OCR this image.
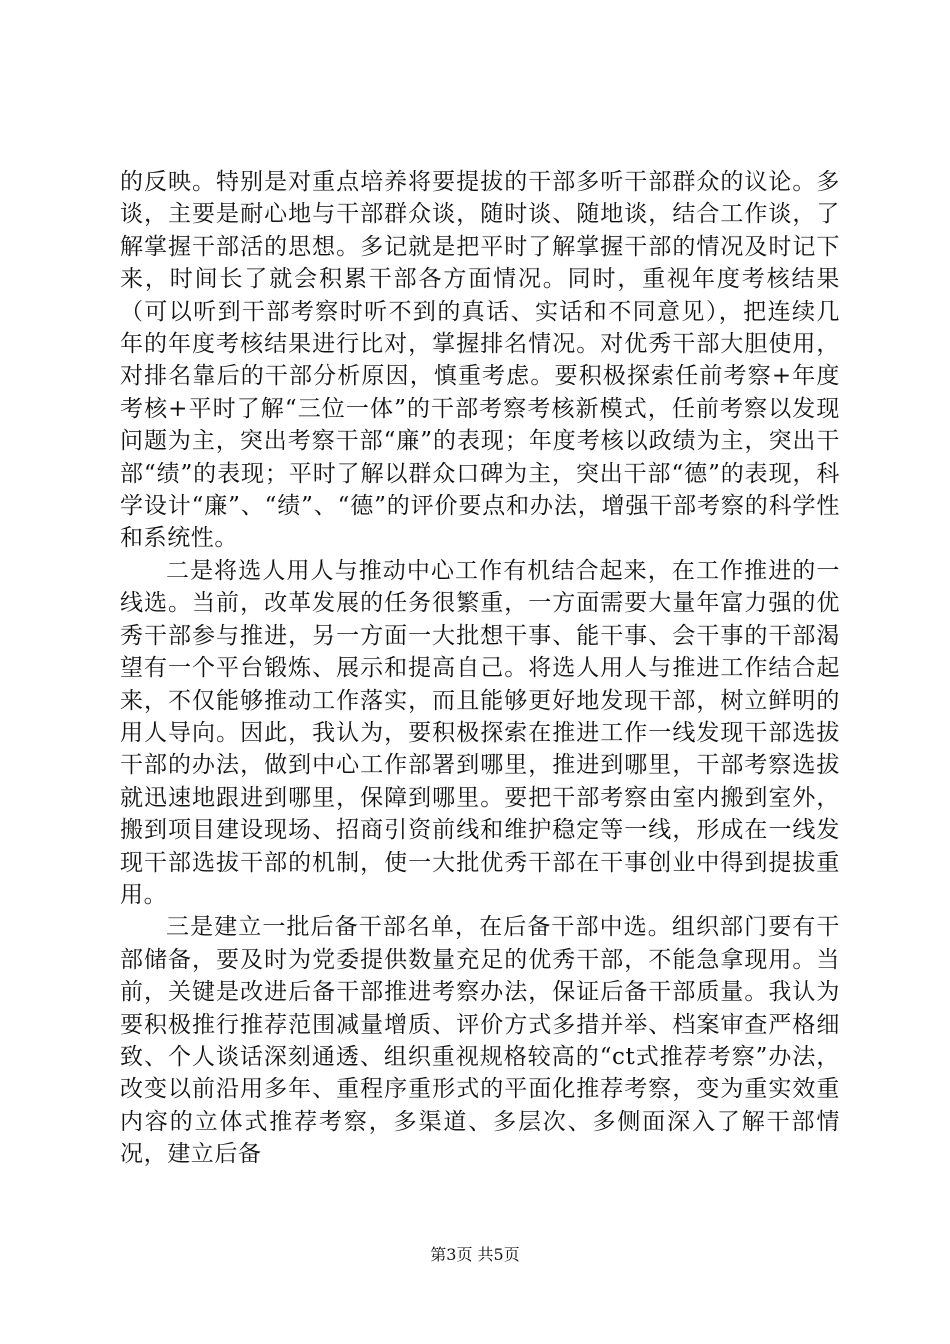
的反映。特别是对重点培养将要提拔的干部多听干部群众的议论。多谈，主要是耐心地与干部群众谈，随时谈、随地谈，结合工作谈，了解掌握干部活的思想。多记就是把平时了解掌握干部的情况及时记下来，时间长了就会积累干部各方面情况。同时，重视年度考核结果（可以听到干部考察时听不到的真话、实话和不同意见），把连续几年的年度考核结果进行比对，掌握排名情况。对优秀干部大胆使用，对排名靠后的干部分析原因，慎重考虑。要积极探索任前考察+年度考核+平时了解“三位一体”的干部考察考核新模式，任前考察以发现问题为主，突出考察干部“廉”的表现；年度考核以政绩为主，突出干部“绩”的表现；平时了解以群众口碑为主，突出干部“德”的表现，科学设计“廉”、“绩”、“德”的评价要点和办法，增强干部考察的科学性和系统性。

二是将选人用人与推动中心工作有机结合起来，在工作推进的一线选。当前，改革发展的任务很繁重，一方面需要大量年富力强的优秀干部参与推进，另一方面一大批想干事、能干事、会干事的干部渴望有一个平台锻炼、展示和提高自己。将选人用人与推进工作结合起来，不仅能够推动工作落实，而且能够更好地发现干部，树立鲜明的用人导向。因此，我认为，要积极探索在推进工作一线发现干部选拔干部的办法，做到中心工作部署到哪里，推进到哪里，干部考察选拔就迅速地跟进到哪里，保障到哪里。要把干部考察由室内搬到室外，搬到项目建设现场、招商引资前线和维护稳定等一线，形成在一线发现干部选拔干部的机制，使一大批优秀干部在干事创业中得到提拔重用。

三是建立一批后备干部名单，在后备干部中选。组织部门要有干部储备，要及时为党委提供数量充足的优秀干部，不能急拿现用。当前，关键是改进后备干部推进考察办法，保证后备干部质量。我认为要积极推行推荐范围减量增质、评价方式多措并举、档案审查严格细致、个人谈话深刻通透、组织重视规格较高的“ct式推荐考察”办法，改变以前沿用多年、重程序重形式的平面化推荐考察，变为重实效重内容的立体式推荐考察，多渠道、多层次、多侧面深入了解干部情况，建立后备

第3页 共5页
